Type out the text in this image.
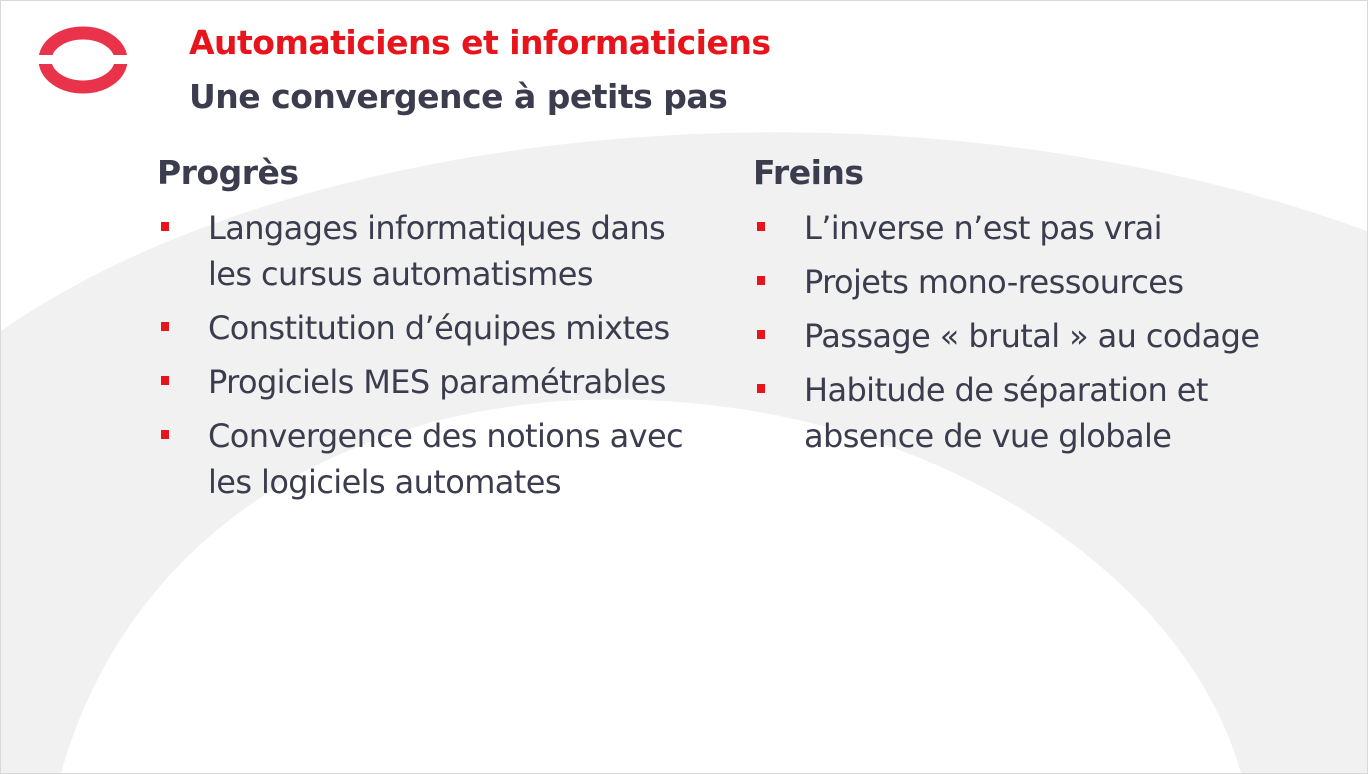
Automaticiens et informaticiens
Une convergence à petits pas
Progrès
Langages informatiques dans les cursus automatismes
Constitution d’équipes mixtes
Progiciels MES paramétrables
Convergence des notions avec les logiciels automates
Freins
L’inverse n’est pas vrai
Projets mono-ressources
Passage « brutal » au codage
Habitude de séparation et absence de vue globale
